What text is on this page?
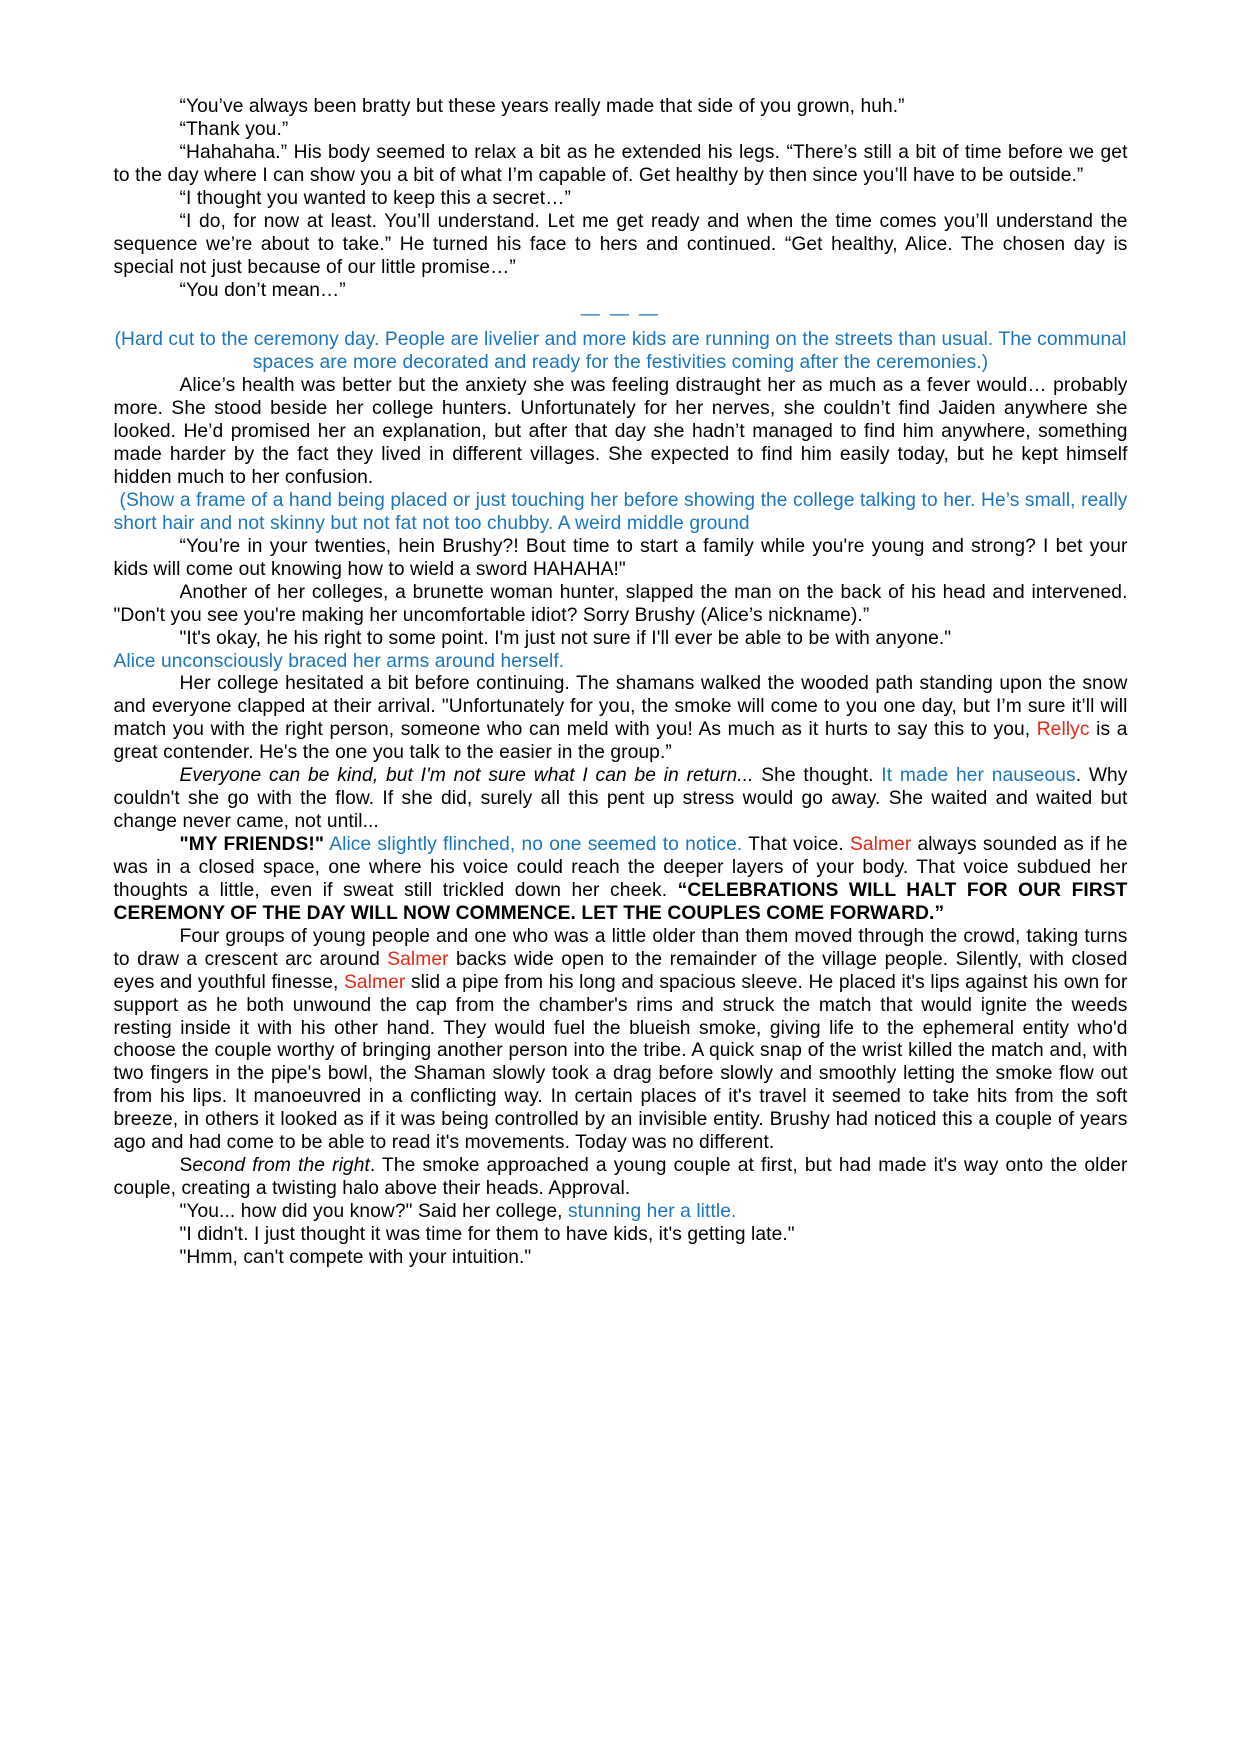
“You’ve always been bratty but these years really made that side of you grown, huh.”

“Thank you.”

“Hahahaha.” His body seemed to relax a bit as he extended his legs. “There’s still a bit of time before we get to the day where I can show you a bit of what I’m capable of. Get healthy by then since you’ll have to be outside.”

“I thought you wanted to keep this a secret…”

“I do, for now at least. You’ll understand. Let me get ready and when the time comes you’ll understand the sequence we’re about to take.” He turned his face to hers and continued. “Get healthy, Alice. The chosen day is special not just because of our little promise…”

“You don’t mean…”

— — —

(Hard cut to the ceremony day. People are livelier and more kids are running on the streets than usual. The communal spaces are more decorated and ready for the festivities coming after the ceremonies.)

Alice’s health was better but the anxiety she was feeling distraught her as much as a fever would… probably more. She stood beside her college hunters. Unfortunately for her nerves, she couldn’t find Jaiden anywhere she looked. He’d promised her an explanation, but after that day she hadn’t managed to find him anywhere, something made harder by the fact they lived in different villages. She expected to find him easily today, but he kept himself hidden much to her confusion.

(Show a frame of a hand being placed or just touching her before showing the college talking to her. He’s small, really short hair and not skinny but not fat not too chubby. A weird middle ground

“You’re in your twenties, hein Brushy?! Bout time to start a family while you're young and strong? I bet your kids will come out knowing how to wield a sword HAHAHA!"

Another of her colleges, a brunette woman hunter, slapped the man on the back of his head and intervened. "Don't you see you're making her uncomfortable idiot? Sorry Brushy (Alice’s nickname).”

"It's okay, he his right to some point. I'm just not sure if I'll ever be able to be with anyone."

Alice unconsciously braced her arms around herself.

Her college hesitated a bit before continuing. The shamans walked the wooded path standing upon the snow and everyone clapped at their arrival. "Unfortunately for you, the smoke will come to you one day, but I’m sure it’ll will match you with the right person, someone who can meld with you! As much as it hurts to say this to you, Rellyc is a great contender. He's the one you talk to the easier in the group.”

Everyone can be kind, but I'm not sure what I can be in return... She thought. It made her nauseous. Why couldn't she go with the flow. If she did, surely all this pent up stress would go away. She waited and waited but change never came, not until...

"MY FRIENDS!" Alice slightly flinched, no one seemed to notice. That voice. Salmer always sounded as if he was in a closed space, one where his voice could reach the deeper layers of your body. That voice subdued her thoughts a little, even if sweat still trickled down her cheek. “CELEBRATIONS WILL HALT FOR OUR FIRST CEREMONY OF THE DAY WILL NOW COMMENCE. LET THE COUPLES COME FORWARD.”

Four groups of young people and one who was a little older than them moved through the crowd, taking turns to draw a crescent arc around Salmer backs wide open to the remainder of the village people. Silently, with closed eyes and youthful finesse, Salmer slid a pipe from his long and spacious sleeve. He placed it's lips against his own for support as he both unwound the cap from the chamber's rims and struck the match that would ignite the weeds resting inside it with his other hand. They would fuel the blueish smoke, giving life to the ephemeral entity who'd choose the couple worthy of bringing another person into the tribe. A quick snap of the wrist killed the match and, with two fingers in the pipe's bowl, the Shaman slowly took a drag before slowly and smoothly letting the smoke flow out from his lips. It manoeuvred in a conflicting way. In certain places of it's travel it seemed to take hits from the soft breeze, in others it looked as if it was being controlled by an invisible entity. Brushy had noticed this a couple of years ago and had come to be able to read it's movements. Today was no different.

Second from the right. The smoke approached a young couple at first, but had made it's way onto the older couple, creating a twisting halo above their heads. Approval.

"You... how did you know?" Said her college, stunning her a little.

"I didn't. I just thought it was time for them to have kids, it's getting late."

"Hmm, can't compete with your intuition."
